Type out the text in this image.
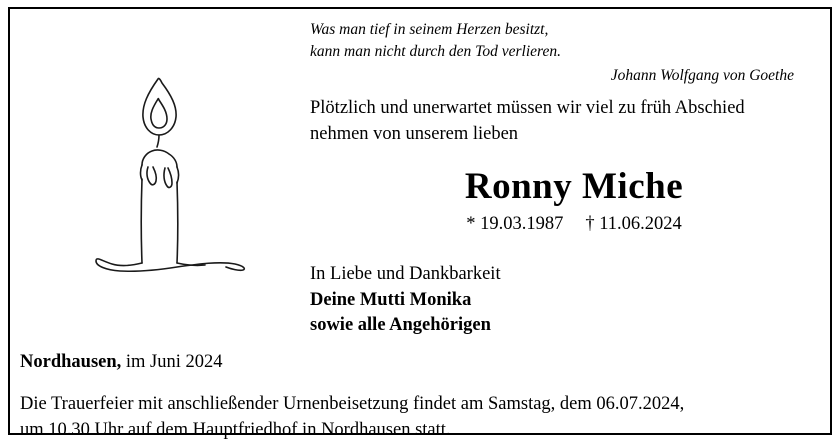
Was man tief in seinem Herzen besitzt,
kann man nicht durch den Tod verlieren.
Johann Wolfgang von Goethe
Plötzlich und unerwartet müssen wir viel zu früh Abschied
nehmen von unserem lieben
Ronny Miche
* 19.03.1987 † 11.06.2024
In Liebe und Dankbarkeit
Deine Mutti Monika
sowie alle Angehörigen
Nordhausen, im Juni 2024
Die Trauerfeier mit anschließender Urnenbeisetzung findet am Samstag, dem 06.07.2024,
um 10.30 Uhr auf dem Hauptfriedhof in Nordhausen statt.
